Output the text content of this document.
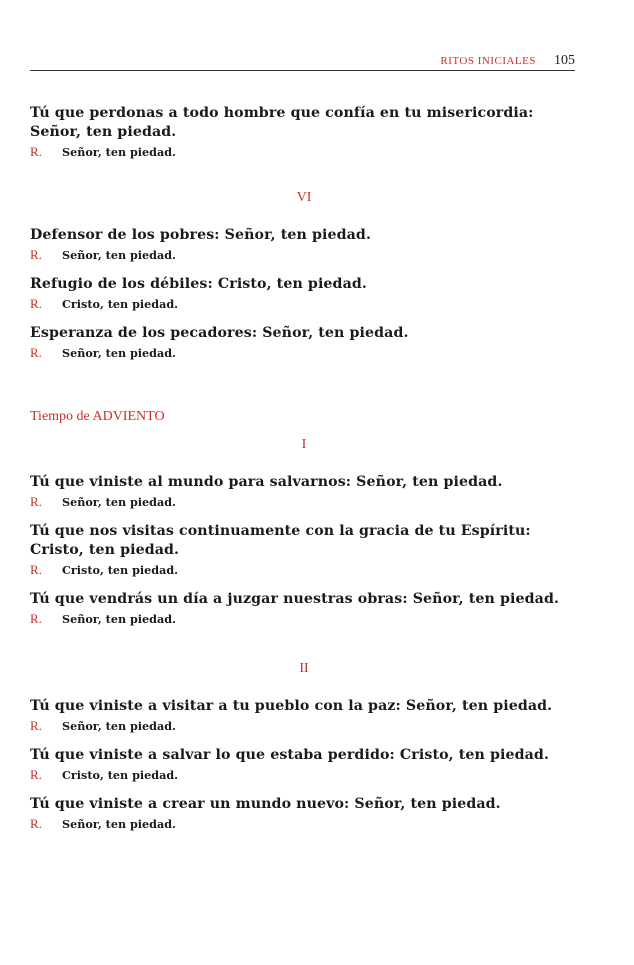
RITOS INICIALES 105

Tú que perdonas a todo hombre que confía en tu misericordia: Señor, ten piedad.

R.	Señor, ten piedad.

VI

Defensor de los pobres: Señor, ten piedad.

R.	Señor, ten piedad.

Refugio de los débiles: Cristo, ten piedad.

R.	Cristo, ten piedad.

Esperanza de los pecadores: Señor, ten piedad.

R.	Señor, ten piedad.

Tiempo de ADVIENTO

I

Tú que viniste al mundo para salvarnos: Señor, ten piedad.

R.	Señor, ten piedad.

Tú que nos visitas continuamente con la gracia de tu Espíritu: Cristo, ten piedad.

R.	Cristo, ten piedad.

Tú que vendrás un día a juzgar nuestras obras: Señor, ten piedad.

R.	Señor, ten piedad.

II

Tú que viniste a visitar a tu pueblo con la paz: Señor, ten piedad.

R.	Señor, ten piedad.

Tú que viniste a salvar lo que estaba perdido: Cristo, ten piedad.

R.	Cristo, ten piedad.

Tú que viniste a crear un mundo nuevo: Señor, ten piedad.

R.	Señor, ten piedad.
